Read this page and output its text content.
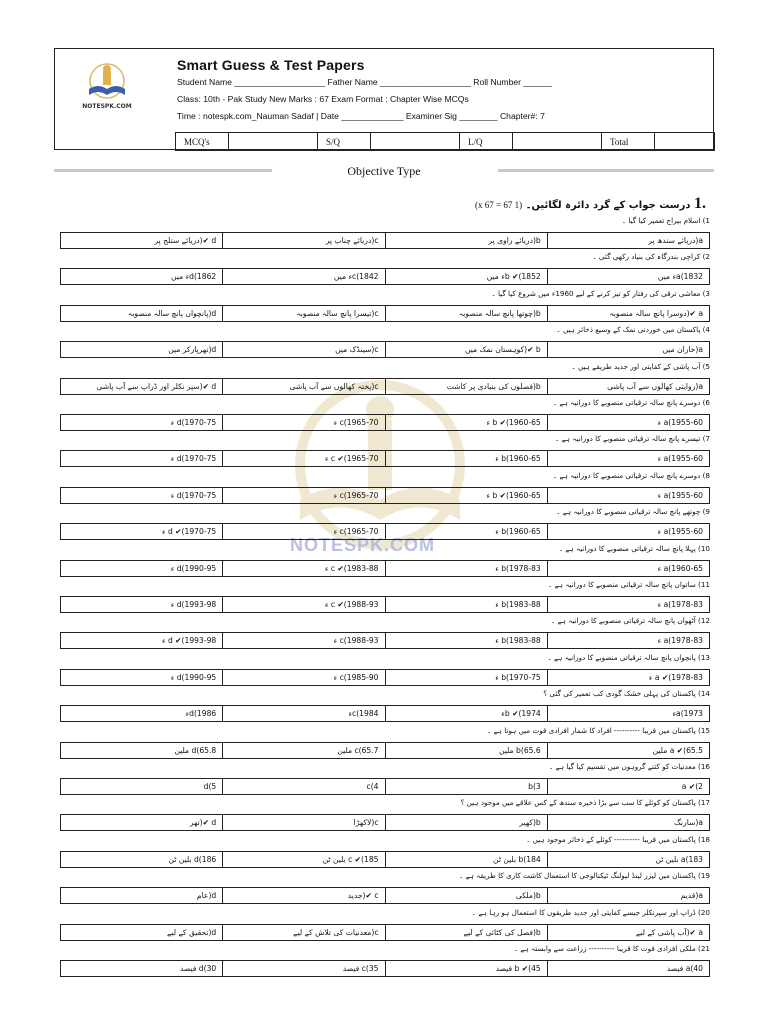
NOTESPK.COM
Smart Guess & Test Papers
Student Name ___________________ Father Name ___________________ Roll Number ______
Class: 10th - Pak Study New Marks : 67 Exam Format : Chapter Wise MCQs
Time : notespk.com_Nauman Sadaf | Date _____________ Examiner Sig ________ Chapter#: 7
MCQ's		S/Q		L/Q		Total	
Objective Type
.1 درست جواب کے گرد دائرہ لگائیں۔ (1 x 67 = 67)
NOTESPK.COM
1) اسلام بیراج تعمیر کیا گیا ۔
a(دریائے سندھ پر	b(دریائے راوی پر	c(دریائے چناب پر	d ✔(دریائے ستلج پر
2) کراچی بندرگاہ کی بنیاد رکھی گئی ۔
a(1832ء میں	b ✔(1852ء میں	c(1842ء میں	d(1862ء میں
3) معاشی ترقی کی رفتار کو تیز کرنے کے لیے 1960ء میں شروع کیا گیا ۔
a ✔(دوسرا پانچ سالہ منصوبہ	b(چوتھا پانچ سالہ منصوبہ	c(تیسرا پانچ سالہ منصوبہ	d(پانچواں پانچ سالہ منصوبہ
4) پاکستان میں خوردنی نمک کے وسیع ذخائر ہیں ۔
a(خاران میں	b ✔(کوہستان نمک میں	c(سینڈک میں	d(تھرپارکر میں
5) آب پاشی کے کفایتی اور جدید طریقے ہیں ۔
a(روایتی کھالوں سے آب پاشی	b(فصلوں کی بنیادی پر کاشت	c(پختہ کھالوں سے آب پاشی	d ✔(سپر نکلر اور ڈراپ سے آب پاشی
6) دوسرے پانچ سالہ ترقیاتی منصوبے کا دورانیہ ہے ۔
a(1955-60 ء	b ✔(1960-65 ء	c(1965-70 ء	d(1970-75 ء
7) تیسرے پانچ سالہ ترقیاتی منصوبے کا دورانیہ ہے ۔
a(1955-60 ء	b(1960-65 ء	c ✔(1965-70 ء	d(1970-75 ء
8) دوسرے پانچ سالہ ترقیاتی منصوبے کا دورانیہ ہے ۔
a(1955-60 ء	b ✔(1960-65 ء	c(1965-70 ء	d(1970-75 ء
9) چوتھے پانچ سالہ ترقیاتی منصوبے کا دورانیہ ہے ۔
a(1955-60 ء	b(1960-65 ء	c(1965-70 ء	d ✔(1970-75 ء
10) پہلا پانچ سالہ ترقیاتی منصوبے کا دورانیہ ہے ۔
a(1960-65 ء	b(1978-83 ء	c ✔(1983-88 ء	d(1990-95 ء
11) ساتواں پانچ سالہ ترقیاتی منصوبے کا دورانیہ ہے ۔
a(1978-83 ء	b(1983-88 ء	c ✔(1988-93 ء	d(1993-98 ء
12) آٹھواں پانچ سالہ ترقیاتی منصوبے کا دورانیہ ہے ۔
a(1978-83 ء	b(1983-88 ء	c(1988-93 ء	d ✔(1993-98 ء
13) پانچواں پانچ سالہ ترقیاتی منصوبے کا دورانیہ ہے ۔
a ✔(1978-83 ء	b(1970-75 ء	c(1985-90 ء	d(1990-95 ء
14) پاکستان کی پہلی خشک گودی کب تعمیر کی گئی ؟
a(1973ء	b ✔(1974ء	c(1984ء	d(1986ء
15) پاکستان میں قریبا ---------- افراد کا شمار افرادی قوت میں ہوتا ہے ۔
a ✔(65.5 ملین	b(65.6 ملین	c(65.7 ملین	d(65.8 ملین
16) معدنیات کو کتنے گروہوں میں تقسیم کیا گیا ہے ۔
a ✔(2	b(3	c(4	d(5
17) پاکستان کو کوئلے کا سب سے بڑا ذخیرہ سندھ کے کس علاقے میں موجود ہیں ؟
a(سارنگ	b(کھیر	c(لاکھڑا	d ✔(تھر
18) پاکستان میں قریبا ---------- کوئلے کے ذخائر موجود ہیں ۔
a(183 بلین ٹن	b(184 بلین ٹن	c ✔(185 بلین ٹن	d(186 بلین ٹن
19) پاکستان میں لیزر لینڈ لیولنگ ٹیکنالوجی کا استعمال کاشت کاری کا طریقہ ہے ۔
a(قدیم	b(ملکی	c ✔(جدید	d(عام
20) ڈراپ اور سپرنکلر جیسے کفایتی اور جدید طریقوں کا استعمال ہو رہا ہے ۔
a ✔(آب پاشی کے لیے	b(فصل کی کٹائی کے لیے	c(معدنیات کی تلاش کے لیے	d(تحقیق کے لیے
21) ملکی افرادی قوت کا قریبا ---------- زراعت سے وابستہ ہے ۔
a(40 فیصد	b ✔(45 فیصد	c(35 فیصد	d(30 فیصد
